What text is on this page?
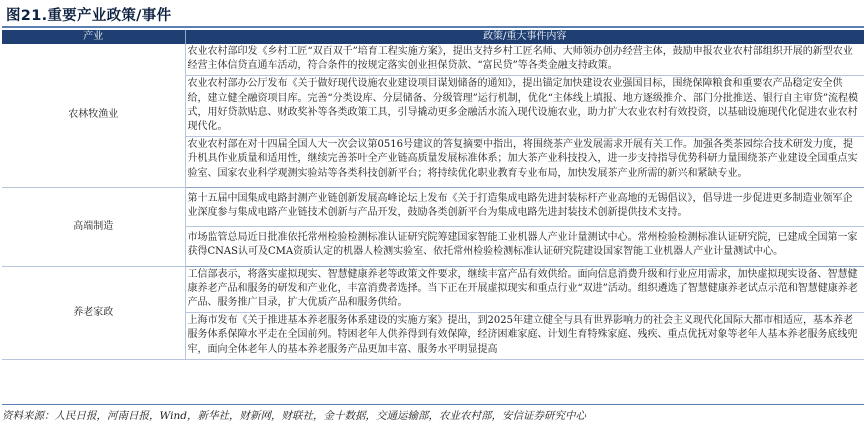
图21.重要产业政策/事件
产业	政策/重大事件内容
农林牧渔业	农业农村部印发《乡村工匠“双百双千”培育工程实施方案》，提出支持乡村工匠名师、大师领办创办经营主体，鼓励申报农业农村部组织开展的新型农业经营主体信贷直通车活动，符合条件的按规定落实创业担保贷款、“富民贷”等各类金融支持政策。
	农业农村部办公厅发布《关于做好现代设施农业建设项目谋划储备的通知》，提出锚定加快建设农业强国目标，围绕保障粮食和重要农产品稳定安全供给，建立健全融资项目库。完善“分类设库、分层储备、分级管理”运行机制，优化“主体线上填报、地方逐级推介、部门分批推送、银行自主审贷”流程模式，用好贷款贴息、财政奖补等各类政策工具，引导撬动更多金融活水流入现代设施农业，助力扩大农业农村有效投资，以基础设施现代化促进农业农村现代化。
	农业农村部在对十四届全国人大一次会议第0516号建议的答复摘要中指出，将围绕茶产业发展需求开展有关工作。加强各类茶园综合技术研发力度，提升机具作业质量和适用性，继续完善茶叶全产业链高质量发展标准体系；加大茶产业科技投入，进一步支持指导优势科研力量围绕茶产业建设全国重点实验室、国家农业科学观测实验站等各类科技创新平台；将持续优化职业教育专业布局，加快发展茶产业所需的新兴和紧缺专业。
高端制造	第十五届中国集成电路封测产业链创新发展高峰论坛上发布《关于打造集成电路先进封装标杆产业高地的无锡倡议》，倡导进一步促进更多制造业领军企业深度参与集成电路产业链技术创新与产品开发，鼓励各类创新平台为集成电路先进封装技术创新提供技术支持。
	市场监管总局近日批准依托常州检验检测标准认证研究院筹建国家智能工业机器人产业计量测试中心。常州检验检测标准认证研究院，已建成全国第一家获得CNAS认可及CMA资质认定的机器人检测实验室、依托常州检验检测标准认证研究院建设国家智能工业机器人产业计量测试中心。
养老家政	工信部表示，将落实虚拟现实、智慧健康养老等政策文件要求，继续丰富产品有效供给。面向信息消费升级和行业应用需求，加快虚拟现实设备、智慧健康养老产品和服务的研发和产业化，丰富消费者选择。当下正在开展虚拟现实和重点行业“双进”活动。组织遴选了智慧健康养老试点示范和智慧健康养老产品、服务推广目录，扩大优质产品和服务供给。
	上海市发布《关于推进基本养老服务体系建设的实施方案》提出，到2025年建立健全与具有世界影响力的社会主义现代化国际大都市相适应，基本养老服务体系保障水平走在全国前列。特困老年人供养得到有效保障，经济困难家庭、计划生育特殊家庭、残疾、重点优抚对象等老年人基本养老服务底线兜牢，面向全体老年人的基本养老服务产品更加丰富、服务水平明显提高
资料来源：人民日报，河南日报，Wind，新华社，财新网，财联社，金十数据，交通运输部，农业农村部，安信证券研究中心
